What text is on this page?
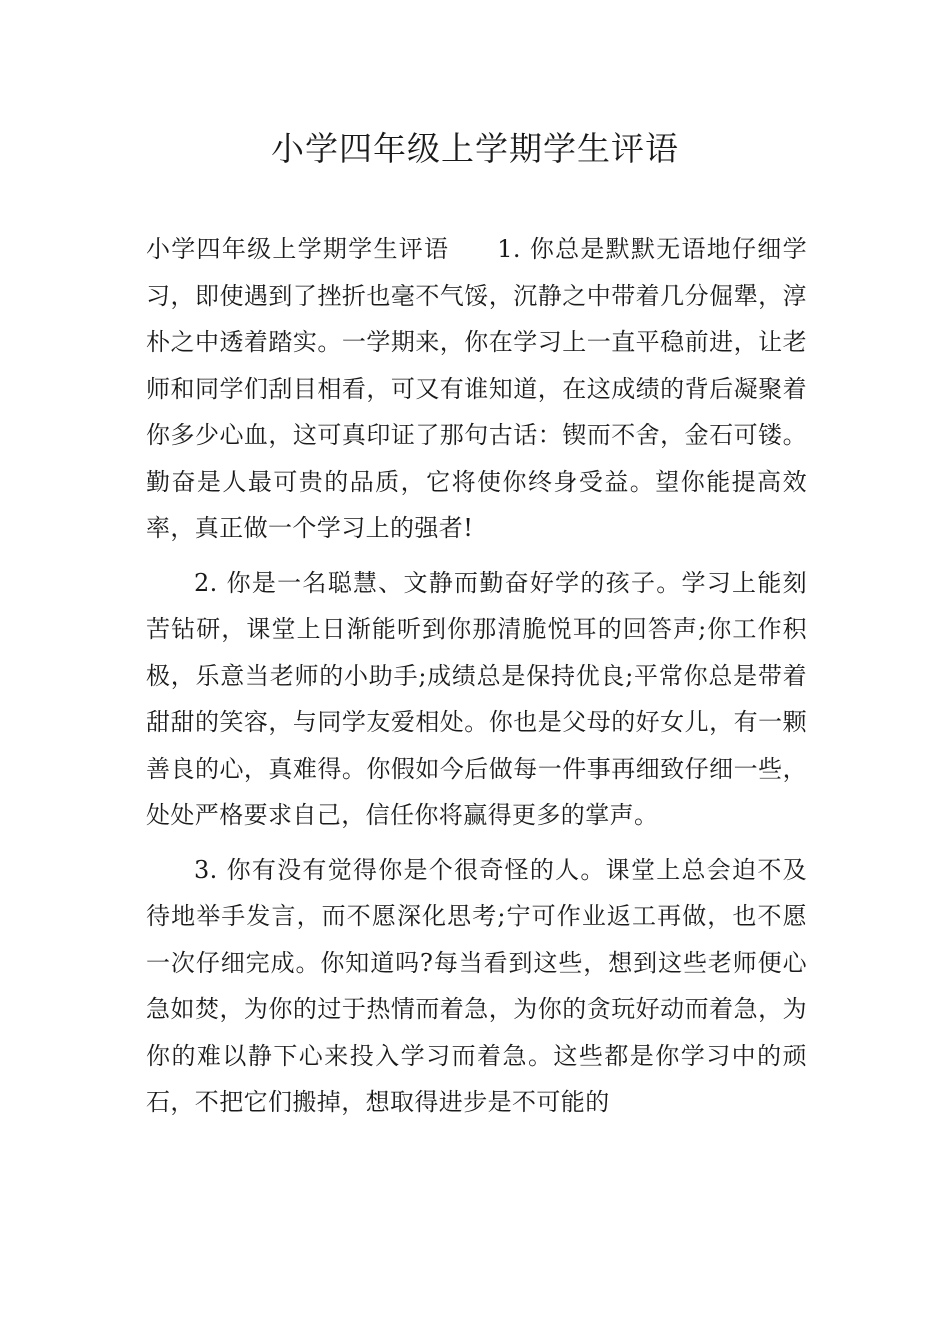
小学四年级上学期学生评语

小学四年级上学期学生评语 1. 你总是默默无语地仔细学习，即使遇到了挫折也毫不气馁，沉静之中带着几分倔犟，淳朴之中透着踏实。一学期来，你在学习上一直平稳前进，让老师和同学们刮目相看，可又有谁知道，在这成绩的背后凝聚着你多少心血，这可真印证了那句古话：锲而不舍，金石可镂。勤奋是人最可贵的品质，它将使你终身受益。望你能提高效率，真正做一个学习上的强者!

2. 你是一名聪慧、文静而勤奋好学的孩子。学习上能刻苦钻研，课堂上日渐能听到你那清脆悦耳的回答声;你工作积极，乐意当老师的小助手;成绩总是保持优良;平常你总是带着甜甜的笑容，与同学友爱相处。你也是父母的好女儿，有一颗善良的心，真难得。你假如今后做每一件事再细致仔细一些，处处严格要求自己，信任你将赢得更多的掌声。

3. 你有没有觉得你是个很奇怪的人。课堂上总会迫不及待地举手发言，而不愿深化思考;宁可作业返工再做，也不愿一次仔细完成。你知道吗?每当看到这些，想到这些老师便心急如焚，为你的过于热情而着急，为你的贪玩好动而着急，为你的难以静下心来投入学习而着急。这些都是你学习中的顽石，不把它们搬掉，想取得进步是不可能的
